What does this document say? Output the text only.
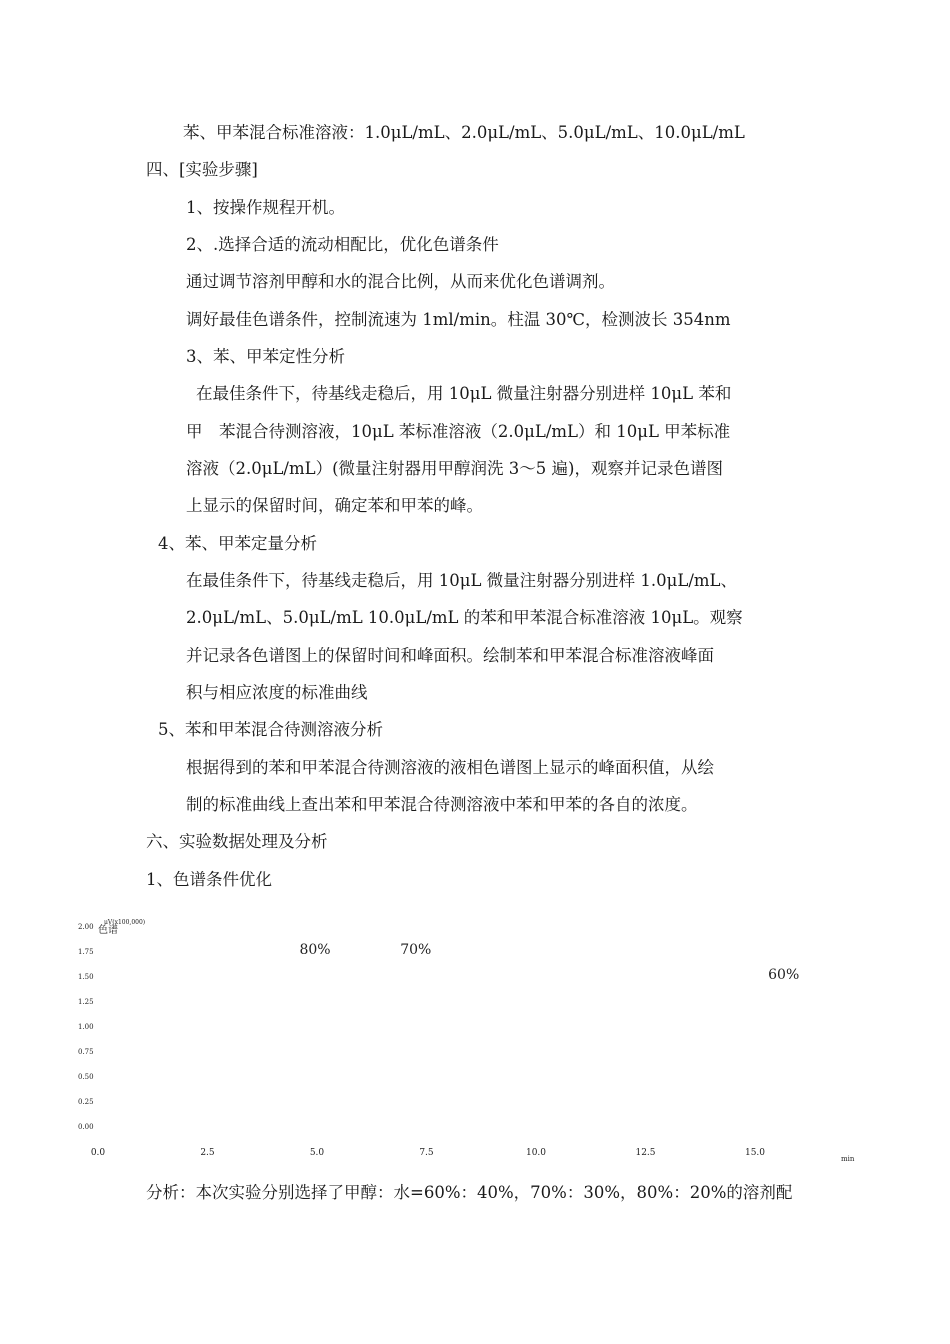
苯、甲苯混合标准溶液：1.0μL/mL、2.0μL/mL、5.0μL/mL、10.0μL/mL
四、[实验步骤]
1、按操作规程开机。
2、.选择合适的流动相配比，优化色谱条件
通过调节溶剂甲醇和水的混合比例，从而来优化色谱调剂。
调好最佳色谱条件，控制流速为 1ml/min。柱温 30℃，检测波长 354nm
3、苯、甲苯定性分析
在最佳条件下，待基线走稳后，用 10μL 微量注射器分别进样 10μL 苯和
甲　苯混合待测溶液，10μL 苯标准溶液（2.0μL/mL）和 10μL 甲苯标准
溶液（2.0μL/mL）(微量注射器用甲醇润洗 3～5 遍)，观察并记录色谱图
上显示的保留时间，确定苯和甲苯的峰。
4、苯、甲苯定量分析
在最佳条件下，待基线走稳后，用 10μL 微量注射器分别进样 1.0μL/mL、
2.0μL/mL、5.0μL/mL 10.0μL/mL 的苯和甲苯混合标准溶液 10μL。观察
并记录各色谱图上的保留时间和峰面积。绘制苯和甲苯混合标准溶液峰面
积与相应浓度的标准曲线
5、苯和甲苯混合待测溶液分析
根据得到的苯和甲苯混合待测溶液的液相色谱图上显示的峰面积值，从绘
制的标准曲线上查出苯和甲苯混合待测溶液中苯和甲苯的各自的浓度。
六、实验数据处理及分析
1、色谱条件优化
分析：本次实验分别选择了甲醇：水=60%：40%，70%：30%，80%：20%的溶剂配
μV(x100,000)
色谱
min
0.00
0.25
0.50
0.75
1.00
1.25
1.50
1.75
2.00
0.0	2.5	5.0	7.5	10.0	12.5	15.0
80%	70%
60%
